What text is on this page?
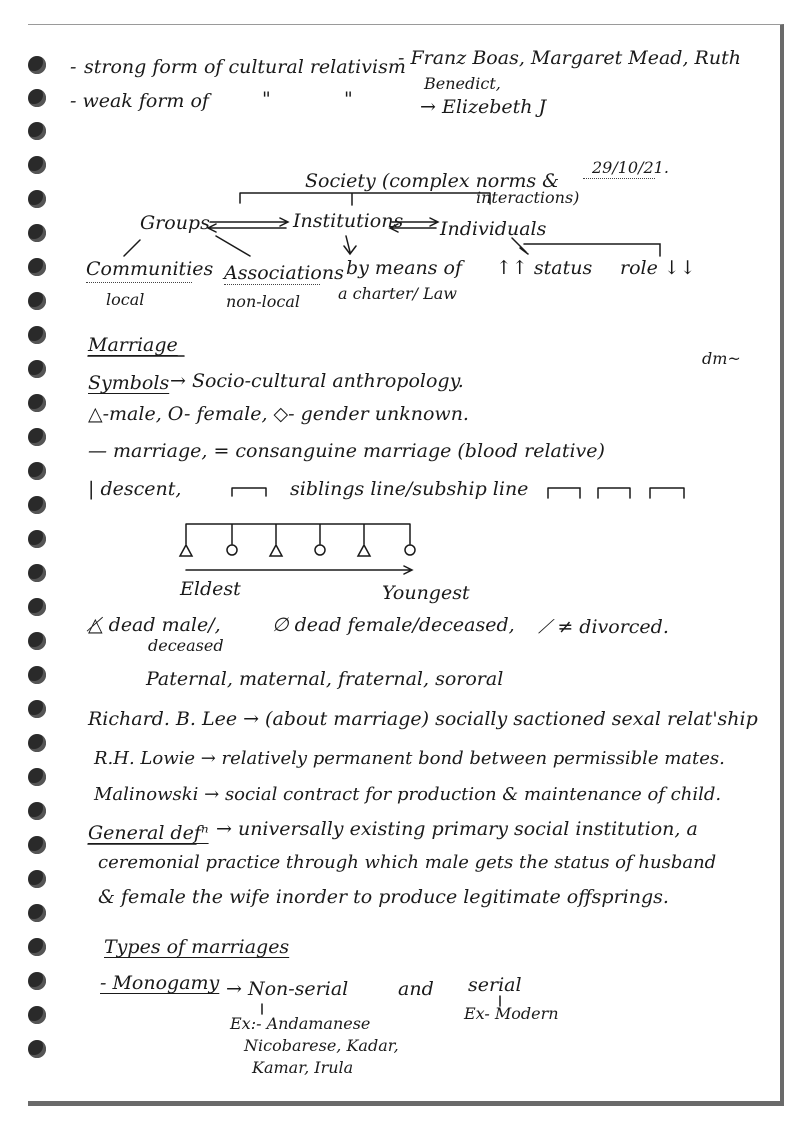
- strong form of cultural relativism
- Franz Boas, Margaret Mead, Ruth
Benedict,
- weak form of	"	"	→ Elizebeth J
29/10/21.
Society (complex norms &
interactions)
Groups	Institutions Individuals
Communities
local
Associations
non-local
by means of
a charter/ Law
↑↑ status role ↓↓
dm~
Marriage
Symbols → Socio-cultural anthropology.
△-male, O- female, ◇- gender unknown.
— marriage, = consanguine marriage (blood relative)
| descent,	siblings line/subship line
Eldest	Youngest
△̸ dead male/,
deceased
∅ dead female/deceased, ⟋ ≠ divorced.
Paternal, maternal, fraternal, sororal
Richard. B. Lee → (about marriage) socially sactioned sexal relat'ship
R.H. Lowie → relatively permanent bond between permissible mates.
Malinowski → social contract for production & maintenance of child.
General defⁿ → universally existing primary social institution, a
ceremonial practice through which male gets the status of husband
& female the wife inorder to produce legitimate offsprings.
Types of marriages
- Monogamy → Non-serial	and serial
Ex- Modern
Ex:- Andamanese
Nicobarese, Kadar,
Kamar, Irula
